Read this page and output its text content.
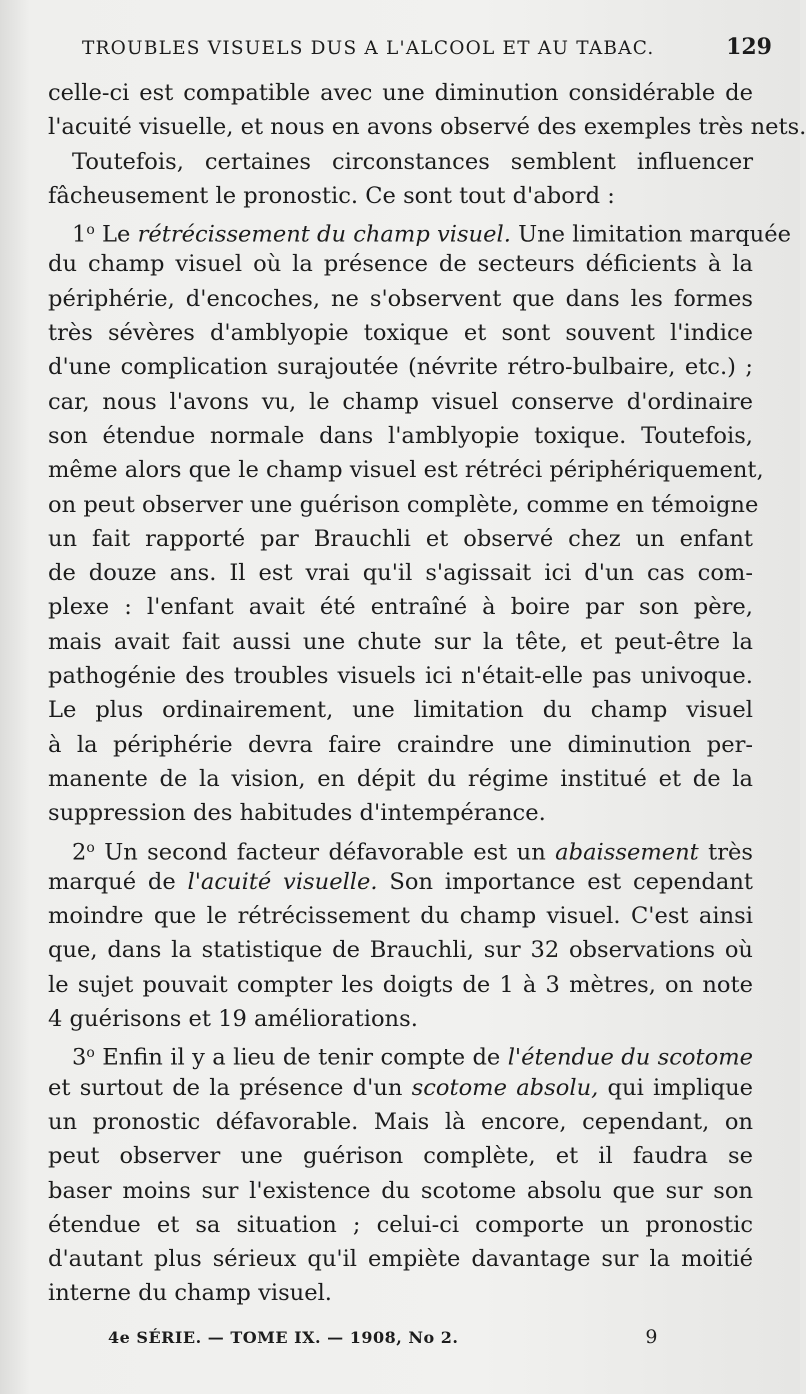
TROUBLES VISUELS DUS A L'ALCOOL ET AU TABAC.	129
celle-ci est compatible avec une diminution considérable de
l'acuité visuelle, et nous en avons observé des exemples très nets.
Toutefois, certaines circonstances semblent influencer
fâcheusement le pronostic. Ce sont tout d'abord :
1$^o$ Le rétrécissement du champ visuel. Une limitation marquée
du champ visuel où la présence de secteurs déficients à la
périphérie, d'encoches, ne s'observent que dans les formes
très sévères d'amblyopie toxique et sont souvent l'indice
d'une complication surajoutée (névrite rétro-bulbaire, etc.) ;
car, nous l'avons vu, le champ visuel conserve d'ordinaire
son étendue normale dans l'amblyopie toxique. Toutefois,
même alors que le champ visuel est rétréci périphériquement,
on peut observer une guérison complète, comme en témoigne
un fait rapporté par Brauchli et observé chez un enfant
de douze ans. Il est vrai qu'il s'agissait ici d'un cas com-
plexe : l'enfant avait été entraîné à boire par son père,
mais avait fait aussi une chute sur la tête, et peut-être la
pathogénie des troubles visuels ici n'était-elle pas univoque.
Le plus ordinairement, une limitation du champ visuel
à la périphérie devra faire craindre une diminution per-
manente de la vision, en dépit du régime institué et de la
suppression des habitudes d'intempérance.
2$^o$ Un second facteur défavorable est un abaissement très
marqué de l'acuité visuelle. Son importance est cependant
moindre que le rétrécissement du champ visuel. C'est ainsi
que, dans la statistique de Brauchli, sur 32 observations où
le sujet pouvait compter les doigts de 1 à 3 mètres, on note
4 guérisons et 19 améliorations.
3$^o$ Enfin il y a lieu de tenir compte de l'étendue du scotome
et surtout de la présence d'un scotome absolu, qui implique
un pronostic défavorable. Mais là encore, cependant, on
peut observer une guérison complète, et il faudra se
baser moins sur l'existence du scotome absolu que sur son
étendue et sa situation ; celui-ci comporte un pronostic
d'autant plus sérieux qu'il empiète davantage sur la moitié
interne du champ visuel.
4e SÉRIE. — TOME IX. — 1908, No 2.	9
